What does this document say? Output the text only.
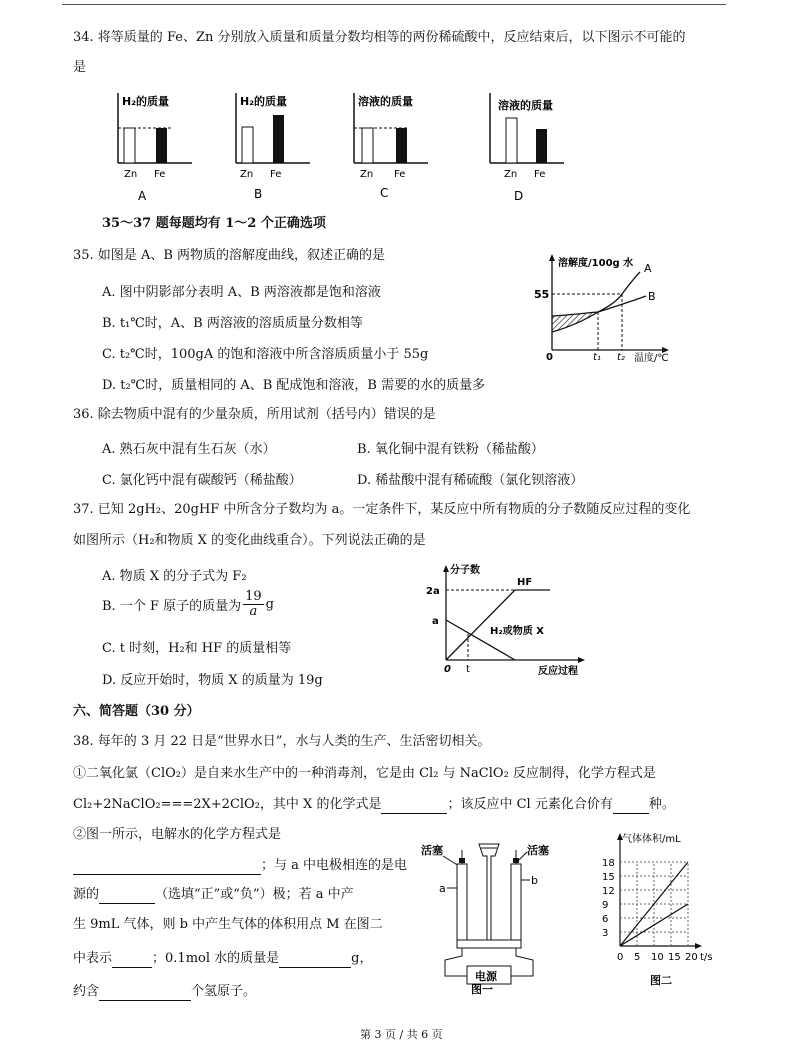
34. 将等质量的 Fe、Zn 分别放入质量和质量分数均相等的两份稀硫酸中，反应结束后，以下图示不可能的
是
H₂的质量
Zn Fe
A
H₂的质量
Zn Fe
B
溶液的质量
Zn Fe
C
溶液的质量
Zn Fe
D
35～37 题每题均有 1～2 个正确选项
35. 如图是 A、B 两物质的溶解度曲线，叙述正确的是
A. 图中阴影部分表明 A、B 两溶液都是饱和溶液
B. t₁℃时，A、B 两溶液的溶质质量分数相等
C. t₂℃时，100gA 的饱和溶液中所含溶质质量小于 55g
D. t₂℃时，质量相同的 A、B 配成饱和溶液，B 需要的水的质量多
溶解度/100g 水
55
A
B
0	t₁ t₂ 温度/℃
36. 除去物质中混有的少量杂质，所用试剂（括号内）错误的是
A. 熟石灰中混有生石灰（水）	B. 氧化铜中混有铁粉（稀盐酸）
C. 氯化钙中混有碳酸钙（稀盐酸）	D. 稀盐酸中混有稀硫酸（氯化钡溶液）
37. 已知 2gH₂、20gHF 中所含分子数均为 a。一定条件下，某反应中所有物质的分子数随反应过程的变化
如图所示（H₂和物质 X 的变化曲线重合）。下列说法正确的是
A. 物质 X 的分子式为 F₂
B. 一个 F 原子的质量为 $\frac{19}{a}$ g
C. t 时刻，H₂和 HF 的质量相等
D. 反应开始时，物质 X 的质量为 19g
分子数
2a
a
HF
H₂或物质 X
0 t	反应过程
六、简答题（30 分）
38. 每年的 3 月 22 日是“世界水日”，水与人类的生产、生活密切相关。
①二氧化氯（ClO₂）是自来水生产中的一种消毒剂，它是由 Cl₂ 与 NaClO₂ 反应制得，化学方程式是
Cl₂+2NaClO₂===2X+2ClO₂，其中 X 的化学式是	；该反应中 Cl 元素化合价有	种。
②图一所示，电解水的化学方程式是
；与 a 中电极相连的是电
源的	（选填“正”或“负”）极；若 a 中产
生 9mL 气体，则 b 中产生气体的体积用点 M 在图二
中表示	；0.1mol 水的质量是	g，
约含	个氢原子。
活塞	活塞
a
b
电源
图一
气体体积/mL
3
6
9
12
15
18
0 5 10 15 20 t/s
图二
第 3 页 / 共 6 页
